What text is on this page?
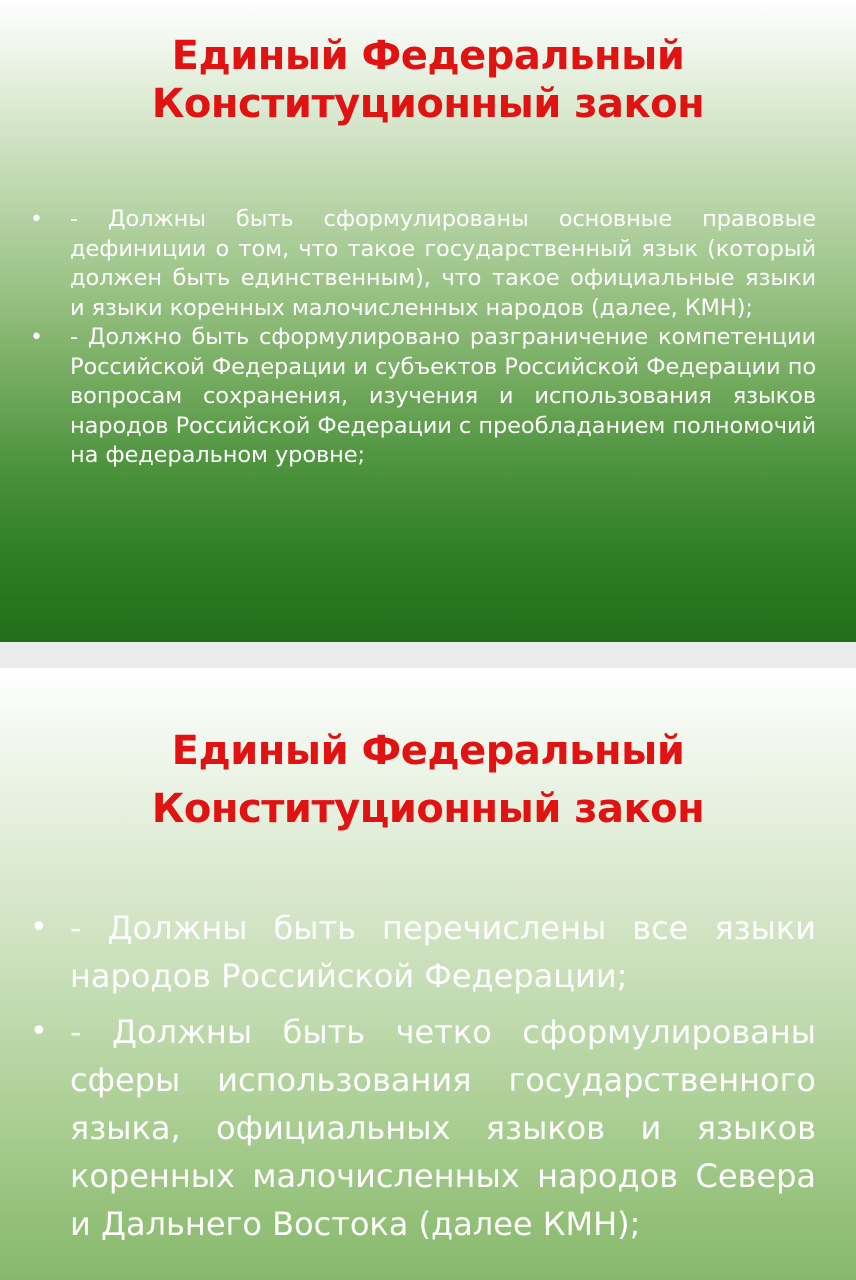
Единый Федеральный
Конституционный закон
• - Должны быть сформулированы основные правовые дефиниции о том, что такое государственный язык (который должен быть единственным), что такое официальные языки и языки коренных малочисленных народов (далее, КМН);
• - Должно быть сформулировано разграничение компетенции Российской Федерации и субъектов Российской Федерации по вопросам сохранения, изучения и использования языков народов Российской Федерации с преобладанием полномочий на федеральном уровне;
Единый Федеральный
Конституционный закон
• - Должны быть перечислены все языки народов Российской Федерации;
• - Должны быть четко сформулированы сферы использования государственного языка, официальных языков и языков коренных малочисленных народов Севера и Дальнего Востока (далее КМН);
